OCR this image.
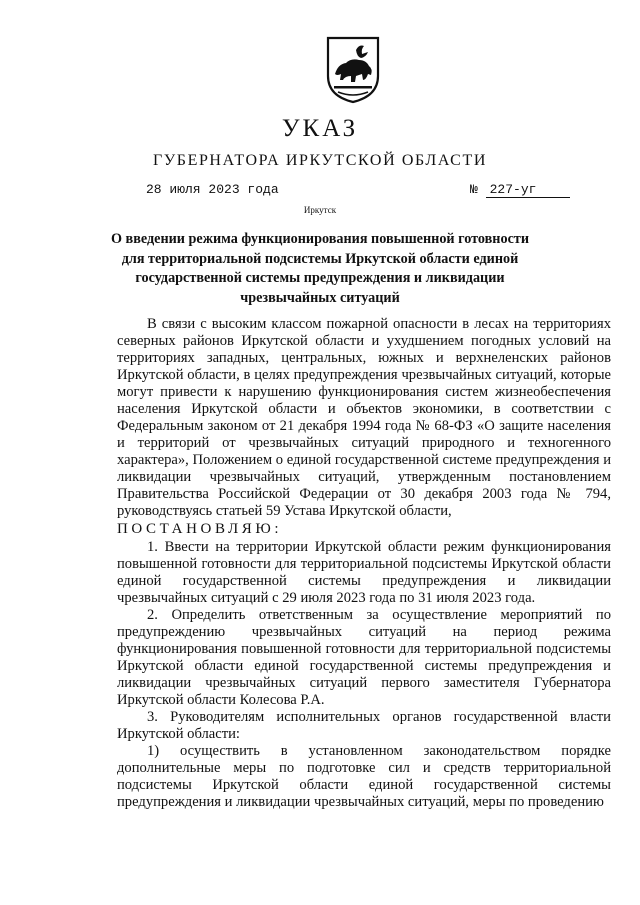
УКАЗ
ГУБЕРНАТОРА ИРКУТСКОЙ ОБЛАСТИ
28 июля 2023 года	№ 227-уг
Иркутск
О введении режима функционирования повышенной готовности для территориальной подсистемы Иркутской области единой государственной системы предупреждения и ликвидации чрезвычайных ситуаций

В связи с высоким классом пожарной опасности в лесах на территориях северных районов Иркутской области и ухудшением погодных условий на территориях западных, центральных, южных и верхнеленских районов Иркутской области, в целях предупреждения чрезвычайных ситуаций, которые могут привести к нарушению функционирования систем жизнеобеспечения населения Иркутской области и объектов экономики, в соответствии с Федеральным законом от 21 декабря 1994 года № 68-ФЗ «О защите населения и территорий от чрезвычайных ситуаций природного и техногенного характера», Положением о единой государственной системе предупреждения и ликвидации чрезвычайных ситуаций, утвержденным постановлением Правительства Российской Федерации от 30 декабря 2003 года № 794, руководствуясь статьей 59 Устава Иркутской области,

ПОСТАНОВЛЯЮ:

1. Ввести на территории Иркутской области режим функционирования повышенной готовности для территориальной подсистемы Иркутской области единой государственной системы предупреждения и ликвидации чрезвычайных ситуаций с 29 июля 2023 года по 31 июля 2023 года.

2. Определить ответственным за осуществление мероприятий по предупреждению чрезвычайных ситуаций на период режима функционирования повышенной готовности для территориальной подсистемы Иркутской области единой государственной системы предупреждения и ликвидации чрезвычайных ситуаций первого заместителя Губернатора Иркутской области Колесова Р.А.

3. Руководителям исполнительных органов государственной власти Иркутской области:

1) осуществить в установленном законодательством порядке дополнительные меры по подготовке сил и средств территориальной подсистемы Иркутской области единой государственной системы предупреждения и ликвидации чрезвычайных ситуаций, меры по проведению
